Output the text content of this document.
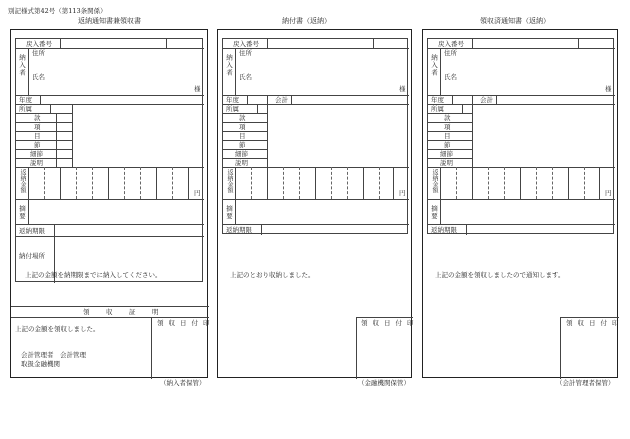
別記様式第42号（第113条関係）
返納通知書兼領収書
戻入番号
納入者
住所
氏名
様
年度
所属
款
項
目
節
細節
説明
返納金額	円
摘要
返納期限
納付場所
上記の金額を納期限までに納入してください。
領　収　証　明
上記の金額を領収しました。
領収日付印
会計管理者　会計管理
取扱金融機関
（納入者保管）
納付書（返納）
戻入番号
納入者
住所
氏名
様
年度	会計
所属
款
項
目
節
細節
説明
返納金額	円
摘要
返納期限
上記のとおり収納しました。
領収日付印
（金融機関保管）
領収済通知書（返納）
戻入番号
納入者
住所
氏名
様
年度	会計
所属
款
項
目
節
細節
説明
返納金額	円
摘要
返納期限
上記の金額を領収しましたので通知します。
領収日付印
（会計管理者保管）
